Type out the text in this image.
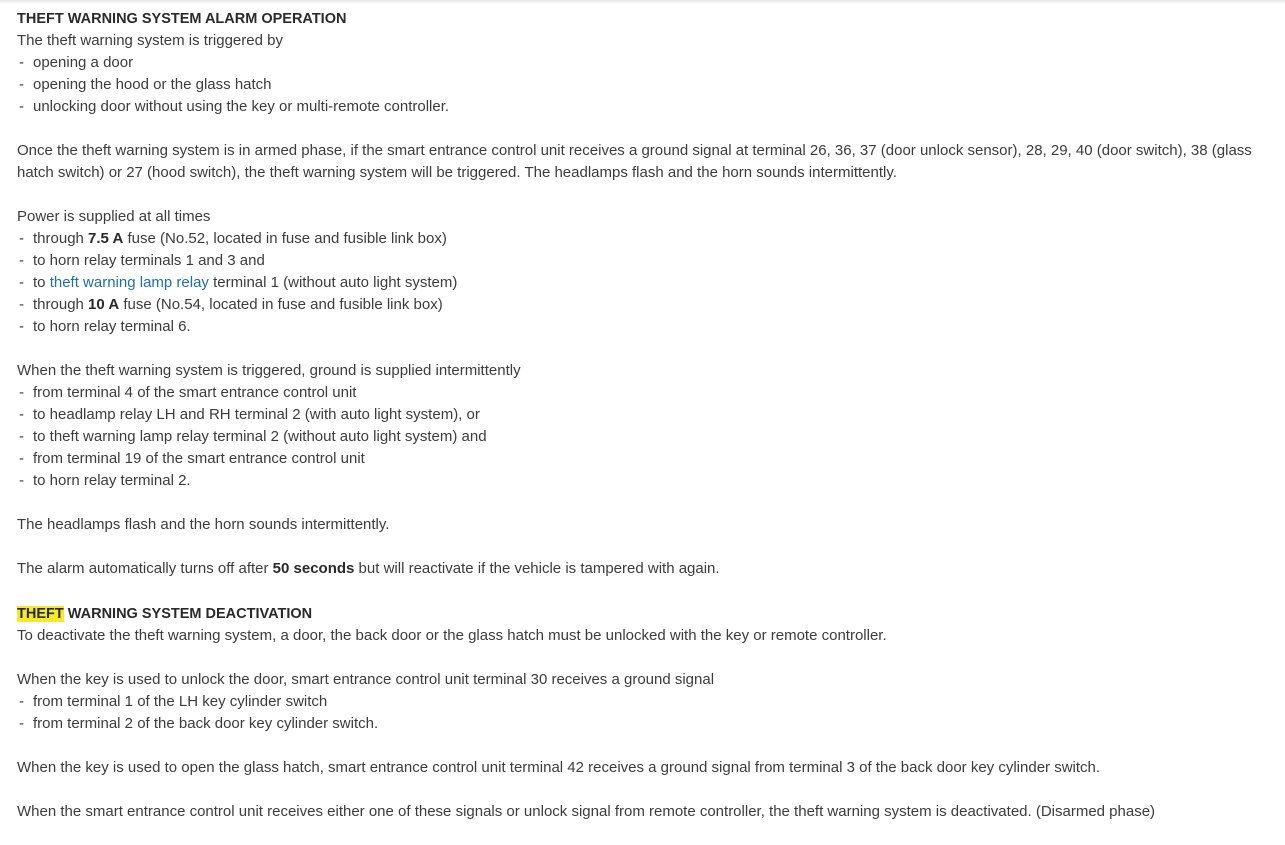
THEFT WARNING SYSTEM ALARM OPERATION
The theft warning system is triggered by
- opening a door
- opening the hood or the glass hatch
- unlocking door without using the key or multi-remote controller.
Once the theft warning system is in armed phase, if the smart entrance control unit receives a ground signal at terminal 26, 36, 37 (door unlock sensor), 28, 29, 40 (door switch), 38 (glass hatch switch) or 27 (hood switch), the theft warning system will be triggered. The headlamps flash and the horn sounds intermittently.
Power is supplied at all times
- through 7.5 A fuse (No.52, located in fuse and fusible link box)
- to horn relay terminals 1 and 3 and
- to theft warning lamp relay terminal 1 (without auto light system)
- through 10 A fuse (No.54, located in fuse and fusible link box)
- to horn relay terminal 6.
When the theft warning system is triggered, ground is supplied intermittently
- from terminal 4 of the smart entrance control unit
- to headlamp relay LH and RH terminal 2 (with auto light system), or
- to theft warning lamp relay terminal 2 (without auto light system) and
- from terminal 19 of the smart entrance control unit
- to horn relay terminal 2.
The headlamps flash and the horn sounds intermittently.
The alarm automatically turns off after 50 seconds but will reactivate if the vehicle is tampered with again.
THEFT WARNING SYSTEM DEACTIVATION
To deactivate the theft warning system, a door, the back door or the glass hatch must be unlocked with the key or remote controller.
When the key is used to unlock the door, smart entrance control unit terminal 30 receives a ground signal
- from terminal 1 of the LH key cylinder switch
- from terminal 2 of the back door key cylinder switch.
When the key is used to open the glass hatch, smart entrance control unit terminal 42 receives a ground signal from terminal 3 of the back door key cylinder switch.
When the smart entrance control unit receives either one of these signals or unlock signal from remote controller, the theft warning system is deactivated. (Disarmed phase)
